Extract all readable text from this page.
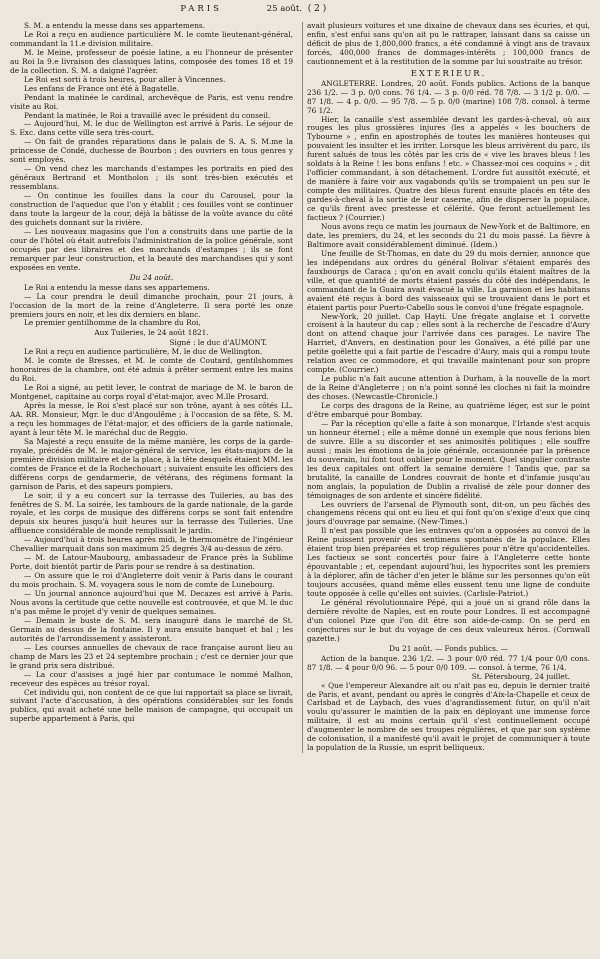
PARIS	25 août. ( 2 )

S. M. a entendu la messe dans ses appartemens.

Le Roi a reçu en audience particulière M. le comte lieutenant-général, commandant la 11.e division militaire.

M. le Meine, professeur de poésie latine, a eu l'honneur de présenter au Roi la 9.e livraison des classiques latins, composée des tomes 18 et 19 de la collection. S. M. a daigné l'agréer.

Le Roi est sorti à trois heures, pour aller à Vincennes.

Les enfans de France ont été à Bagatelle.

Pendant la matinée le cardinal, archevêque de Paris, est venu rendre visite au Roi.

Pendant la matinée, le Roi a travaillé avec le président du conseil.

— Aujourd'hui, M. le duc de Wellington est arrivé à Paris. Le séjour de S. Exc. dans cette ville sera très-court.

— On fait de grandes réparations dans le palais de S. A. S. M.me la princesse de Condé, duchesse de Bourbon ; des ouvriers en tous genres y sont employés.

— On vend chez les marchands d'estampes les portraits en pied des généraux Bertrand et Montholon ; ils sont très-bien exécutés et ressemblans.

— On continue les fouilles dans la cour du Carousel, pour la construction de l'aqueduc que l'on y établit ; ces fouilles vont se continuer dans toute la largeur de la cour, déjà la bâtisse de la voûte avance du côté des guichets donnant sur la rivière.

— Les nouveaux magasins que l'on a construits dans une partie de la cour de l'hôtel où était autrefois l'administration de la police générale, sont occupés par des libraires et des marchands d'estampes ; ils se font remarquer par leur construction, et la beauté des marchandises qui y sont exposées en vente.

Du 24 août.

Le Roi a entendu la messe dans ses appartemens.

— La cour prendra le deuil dimanche prochain, pour 21 jours, à l'occasion de la mort de la reine d'Angleterre. Il sera porté les onze premiers jours en noir, et les dix derniers en blanc.

Le premier gentilhomme de la chambre du Roi,

Aux Tuileries, le 24 août 1821.

Signé : le duc d'AUMONT.

Le Roi a reçu en audience particulière, M. le duc de Wellington.

M. le comte de Bresses, et M. le comte de Coutard, gentilshommes honoraires de la chambre, ont été admis à prêter serment entre les mains du Roi.

Le Roi a signé, au petit lever, le contrat de mariage de M. le baron de Montgenet, capitaine au corps royal d'état-major, avec M.lle Prosard.

Après la messe, le Roi s'est placé sur son trône, ayant à ses côtés LL. AA. RR. Monsieur, Mgr. le duc d'Angoulême ; à l'occasion de sa fête, S. M. a reçu les hommages de l'état-major, et des officiers de la garde nationale, ayant à leur tête M. le maréchal duc de Reggio.

Sa Majesté a reçu ensuite de la même manière, les corps de la garde-royale, précédés de M. le major-général de service, les états-majors de la première division militaire et de la place, à la tête desquels étaient MM. les comtes de France et de la Rochechouart ; suivaient ensuite les officiers des différens corps de gendarmerie, de vétérans, des régimens formant la garnison de Paris, et des sapeurs pompiers.

Le soir, il y a eu concert sur la terrasse des Tuileries, au bas des fenêtres de S. M. La soirée, les tambours de la garde nationale, de la garde royale, et les corps de musique des différens corps se sont fait entendre depuis six heures jusqu'à huit heures sur la terrasse des Tuileries. Une affluence considérable de monde remplissait le jardin.

— Aujourd'hui à trois heures après midi, le thermomètre de l'ingénieur Chevallier marquait dans son maximum 25 degrés 3/4 au-dessus de zéro.

— M. de Latour-Maubourg, ambassadeur de France près la Sublime Porte, doit bientôt partir de Paris pour se rendre à sa destination.

— On assure que le roi d'Angleterre doit venir à Paris dans le courant du mois prochain. S. M. voyagera sous le nom de comte de Lunebourg.

— Un journal annonce aujourd'hui que M. Decazes est arrivé à Paris. Nous avons la certitude que cette nouvelle est controuvée, et que M. le duc n'a pas même le projet d'y venir de quelques semaines.

— Demain le buste de S. M. sera inauguré dans le marché de St. Germain au dessus de la fontaine. Il y aura ensuite banquet et bal ; les autorités de l'arrondissement y assisteront.

— Les courses annuelles de chevaux de race française auront lieu au champ de Mars les 23 et 24 septembre prochain ; c'est ce dernier jour que le grand prix sera distribué.

— La cour d'assises a jugé hier par contumace le nommé Malhon, receveur des espèces au trésor royal.

Cet individu qui, non content de ce que lui rapportait sa place se livrait, suivant l'acte d'accusation, à des opérations considérables sur les fonds publics, qui avait acheté une belle maison de campagne, qui occupait un superbe appartement à Paris, qui

avait plusieurs voitures et une dixaine de chevaux dans ses écuries, et qui, enfin, s'est enfui sans qu'on ait pu le rattraper, laissant dans sa caisse un déficit de plus de 1,800,000 francs, a été condamné à vingt ans de travaux forcés, 400,000 francs de dommages-intérêts ; 100,000 francs de cautionnement et à la restitution de la somme par lui soustraite au trésor.

EXTERIEUR.

ANGLETERRE. Londres, 20 août. Fonds publics. Actions de la banque 236 1/2. — 3 p. 0/0 cons. 76 1/4. — 3 p. 0/0 réd. 78 7/8. — 3 1/2 p. 0/0. — 87 1/8. — 4 p. 0/0. — 95 7/8. — 5 p. 0/0 (marine) 108 7/8. consol. à terme 76 1/2.

Hier, la canaille s'est assemblée devant les gardes-à-cheval, où aux rouges les plus grossières injures (les a appelés « les bouchers de Tybourne » , enfin en apostrophés de toutes les manières honteuses qui pouvaient les insulter et les irriter. Lorsque les bleus arrivèrent du parc, ils furent salués de tous les côtés par les cris de « vive les braves bleus ! les soldats à la Reine ! les bons enfans ! etc. » Chassez-moi ces coquins » , dit l'officier commandant, à son détachement. L'ordre fut aussitôt exécuté, et de manière à faire voir aux vagabonds qu'ils se trompaient un peu sur le compte des militaires. Quatre des bleus furent ensuite placés en tête des gardes-à-cheval à la sortie de leur caserne, afin de disperser la populace, ce qu'ils firent avec prestesse et célérité. Que feront actuellement les factieux ? (Courrier.)

Nous avons reçu ce matin les journaux de New-York et de Baltimore, en date, les premiers, du 24, et les seconds du 21 du mois passé. La fièvre à Baltimore avait considérablement diminué. (Idem.)

Une feuille de St-Thomas, en date du 29 du mois dernier, annonce que les indépendans aux ordres du général Bolivar s'étaient emparés des fauxbourgs de Caraca ; qu'on en avait conclu qu'ils étaient maîtres de la ville, et que quantité de morts étaient passés du côté des indépendans, le commandant de la Guaira avait évacué la ville. La garnison et les habitans avaient été reçus à bord des vaisseaux qui se trouvaient dans le port et étaient partis pour Puerto-Cabello sous le convoi d'une frégate espagnole.

New-York, 20 juillet. Cap Hayti. Une frégate anglaise et 1 corvette croisent à la hauteur du cap ; elles sont à la recherche de l'escadre d'Aury dont on attend chaque jour l'arrivée dans ces parages. Le navire The Harriet, d'Anvers, en destination pour les Gonaïves, a été pillé par une petite goëlette qui a fait partie de l'escadre d'Aury, mais qui a rompu toute relation avec ce commodore, et qui travaille maintenant pour son propre compte. (Courrier.)

Le public n'a fait aucune attention à Durham, à la nouvelle de la mort de la Reine d'Angleterre ; on n'a point sonné les cloches ni fait la moindre des choses. (Newcastle-Chronicle.)

Le corps des dragons de la Reine, au quatrième léger, est sur le point d'être embarqué pour Bombay.

— Par la réception qu'elle a faite à son monarque, l'Irlande s'est acquis un honneur éternel ; elle a même donné un exemple que nous ferions bien de suivre. Elle a su discorder et ses animosités politiques ; elle souffre aussi ; mais les émotions de la joie générale, occasionnée par la présence du souverain, lui font tout oublier pour le moment. Quel singulier contraste les deux capitales ont offert la semaine dernière ! Tandis que, par sa brutalité, la canaille de Londres couvrait de honte et d'infamie jusqu'au nom anglais, la population de Dublin a rivalisé de zèle pour donner des témoignages de son ardente et sincère fidélité.

Les ouvriers de l'arsenal de Plymouth sont, dit-on, un peu fâchés des changemens récens qui ont eu lieu et qui font qu'on s'exige d'eux que cinq jours d'ouvrage par semaine. (New-Times.)

Il n'est pas possible que les entraves qu'on a opposées au convoi de la Reine puissent provenir des sentimens spontanés de la populace. Elles étaient trop bien préparées et trop régulières pour n'être qu'accidentelles. Les factieux se sont concertés pour faire à l'Angleterre cette honte épouvantable ; et, cependant aujourd'hui, les hypocrites sont les premiers à la déplorer, afin de tâcher d'en jeter le blâme sur les personnes qu'on eût toujours accusées, quand même elles eussent tenu une ligne de conduite toute opposée à celle qu'elles ont suivies. (Carlisle-Patriot.)

Le général révolutionnaire Pépé, qui a joué un si grand rôle dans la dernière révolte de Naples, est en route pour Londres. Il est accompagné d'un colonel Pize que l'on dit être son aide-de-camp. On se perd en conjectures sur le but du voyage de ces deux valeureux héros. (Cornwall gazette.)

Du 21 août. — Fonds publics. —

Action de la banque. 236 1/2. — 3 pour 0/0 réd. 77 1/4 pour 0/0 cons. 87 1/8. — 4 pour 0/0 96. — 5 pour 0/0 109. — consol. à terme, 76 1/4.

St. Pétersbourg, 24 juillet.

« Que l'empereur Alexandre ait ou n'ait pas eu, depuis le dernier traité de Paris, et avant, pendant ou après le congrès d'Aix-la-Chapelle et ceux de Carlsbad et de Laybach, des vues d'agrandissement futur, on qu'il n'ait voulu qu'assurer le maintien de la paix en déployant une immense force militaire, il est au moins certain qu'il s'est continuellement occupé d'augmenter le nombre de ses troupes régulières, et que par son système de colonisation, il a manifesté qu'il avait le projet de communiquer à toute la population de la Russie, un esprit belliqueux.
